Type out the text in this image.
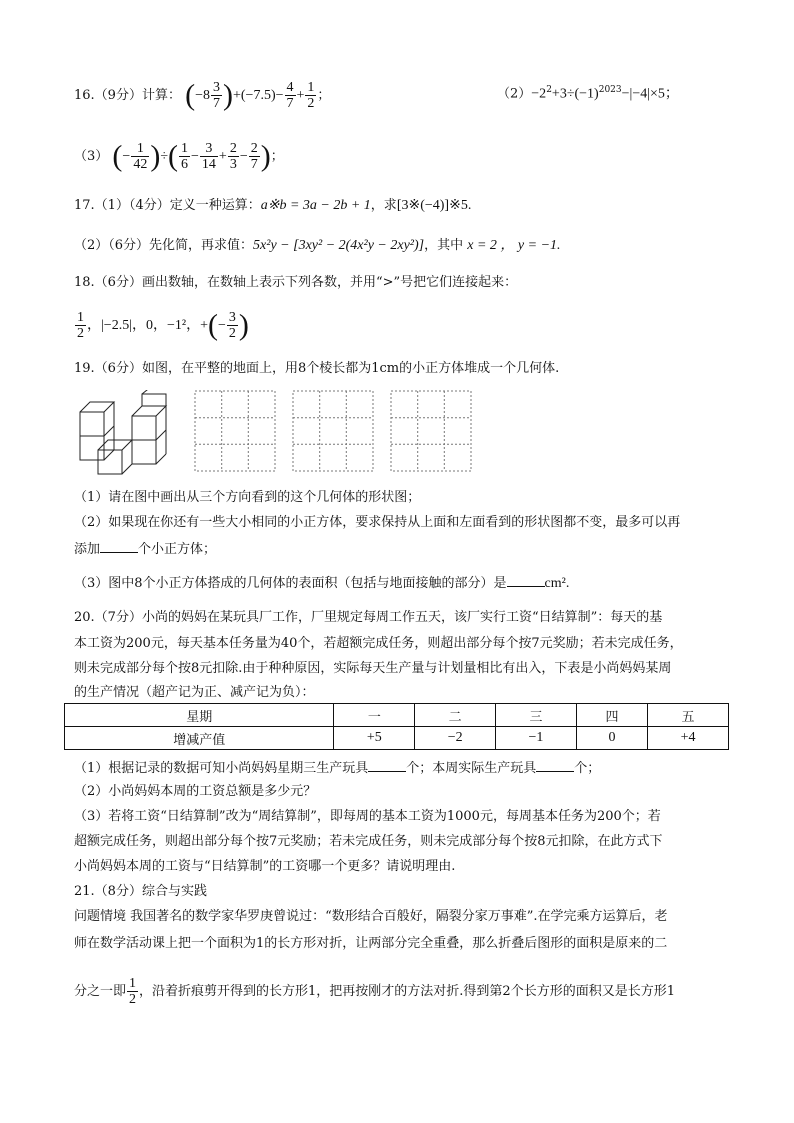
16.（9分）计算： $(-8 \frac{3}{7} )+(-7.5)- \frac{4}{7} + \frac{1}{2}$ ；	$(2)-2^2+3\div(-1)^{2023}-|-4|\times 5$；
（3） (− $\frac{1}{42}$ )÷( $\frac{1}{6} - \frac{3}{14} + \frac{2}{3} - \frac{2}{7}$ )；
17.（1）（4分）定义一种运算：a※b = 3a − 2b + 1，求[3※(−4)]※5.
（2）（6分）先化简，再求值：5x²y − [3xy² − 2(4x²y − 2xy²)]，其中 x = 2 ， y = −1.
18.（6分）画出数轴，在数轴上表示下列各数，并用“>”号把它们连接起来：
$\frac{1}{2}$ ，|−2.5|，0，−1²，+(− $\frac{3}{2}$ )
19.（6分）如图，在平整的地面上，用8个棱长都为1cm的小正方体堆成一个几何体.
（1）请在图中画出从三个方向看到的这个几何体的形状图；
（2）如果现在你还有一些大小相同的小正方体，要求保持从上面和左面看到的形状图都不变，最多可以再
添加	个小正方体；
（3）图中8个小正方体搭成的几何体的表面积（包括与地面接触的部分）是	cm².
20.（7分）小尚的妈妈在某玩具厂工作，厂里规定每周工作五天，该厂实行工资“日结算制”：每天的基
本工资为200元，每天基本任务量为40个，若超额完成任务，则超出部分每个按7元奖励；若未完成任务，
则未完成部分每个按8元扣除.由于种种原因，实际每天生产量与计划量相比有出入，下表是小尚妈妈某周
的生产情况（超产记为正、减产记为负）：
星期	一	二	三	四	五
增减产值	+5	−2	−1	0	+4
（1）根据记录的数据可知小尚妈妈星期三生产玩具	个；本周实际生产玩具	个；
（2）小尚妈妈本周的工资总额是多少元？
（3）若将工资“日结算制”改为“周结算制”，即每周的基本工资为1000元，每周基本任务为200个；若
超额完成任务，则超出部分每个按7元奖励；若未完成任务，则未完成部分每个按8元扣除，在此方式下
小尚妈妈本周的工资与“日结算制”的工资哪一个更多？请说明理由.
21.（8分）综合与实践
问题情境 我国著名的数学家华罗庚曾说过：“数形结合百般好，隔裂分家万事难”.在学完乘方运算后，老
师在数学活动课上把一个面积为1的长方形对折，让两部分完全重叠，那么折叠后图形的面积是原来的二
分之一即 $\frac{1}{2}$ ，沿着折痕剪开得到的长方形1，把再按刚才的方法对折.得到第2个长方形的面积又是长方形1
